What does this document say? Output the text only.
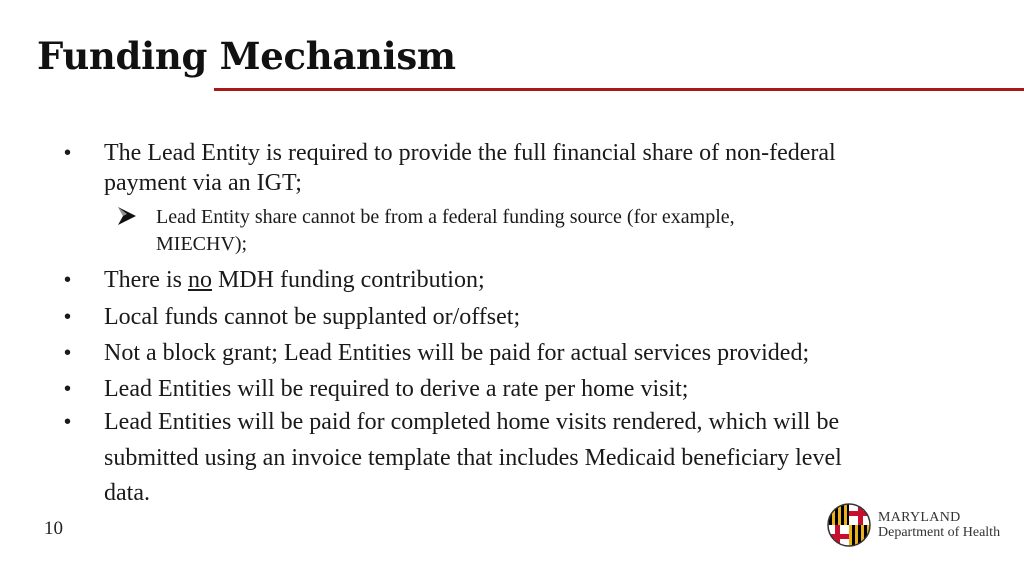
Funding Mechanism
• The Lead Entity is required to provide the full financial share of non-federal
payment via an IGT;
Lead Entity share cannot be from a federal funding source (for example,
MIECHV);
• There is no MDH funding contribution;
• Local funds cannot be supplanted or/offset;
• Not a block grant; Lead Entities will be paid for actual services provided;
• Lead Entities will be required to derive a rate per home visit;
• Lead Entities will be paid for completed home visits rendered, which will be
submitted using an invoice template that includes Medicaid beneficiary level
data.
10
MARYLAND
Department of Health
